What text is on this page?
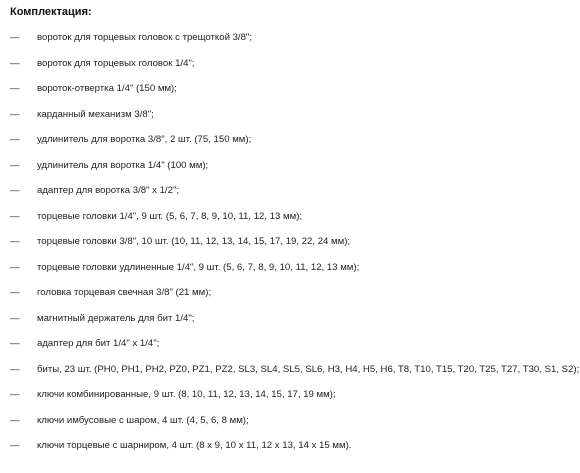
Комплектация:
— вороток для торцевых головок с трещоткой 3/8";
— вороток для торцевых головок 1/4";
— вороток-отвертка 1/4" (150 мм);
— карданный механизм 3/8";
— удлинитель для воротка 3/8", 2 шт. (75, 150 мм);
— удлинитель для воротка 1/4" (100 мм);
— адаптер для воротка 3/8" x 1/2";
— торцевые головки 1/4", 9 шт. (5, 6, 7, 8, 9, 10, 11, 12, 13 мм);
— торцевые головки 3/8", 10 шт. (10, 11, 12, 13, 14, 15, 17, 19, 22, 24 мм);
— торцевые головки удлиненные 1/4", 9 шт. (5, 6, 7, 8, 9, 10, 11, 12, 13 мм);
— головка торцевая свечная 3/8" (21 мм);
— магнитный держатель для бит 1/4";
— адаптер для бит 1/4" x 1/4";
— биты, 23 шт. (PH0, PH1, PH2, PZ0, PZ1, PZ2, SL3, SL4, SL5, SL6, H3, H4, H5, H6, T8, T10, T15, T20, T25, T27, T30, S1, S2);
— ключи комбинированные, 9 шт. (8, 10, 11, 12, 13, 14, 15, 17, 19 мм);
— ключи имбусовые с шаром, 4 шт. (4, 5, 6, 8 мм);
— ключи торцевые с шарниром, 4 шт. (8 x 9, 10 x 11, 12 x 13, 14 x 15 мм).
